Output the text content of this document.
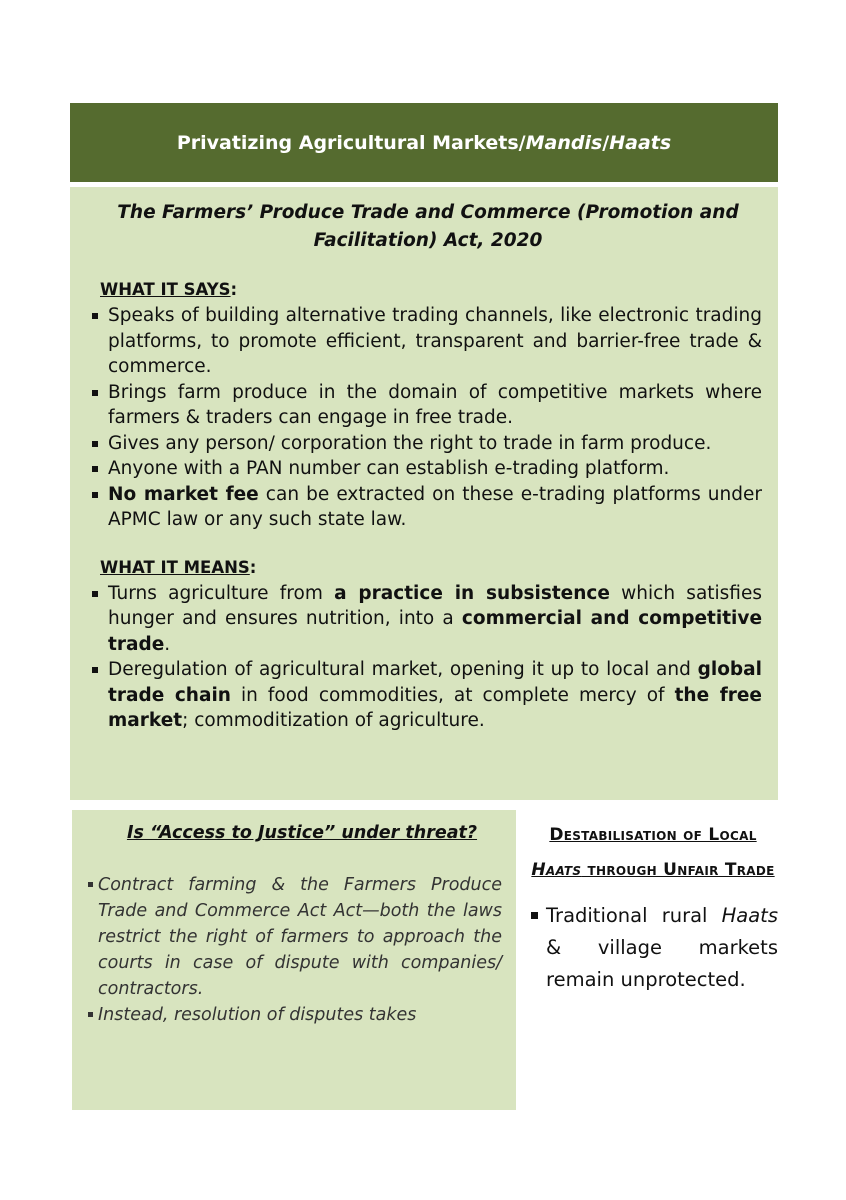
Privatizing Agricultural Markets/Mandis/Haats
The Farmers’ Produce Trade and Commerce (Promotion and Facilitation) Act, 2020
WHAT IT SAYS:
Speaks of building alternative trading channels, like electronic trading platforms, to promote efficient, transparent and barrier-free trade & commerce.
Brings farm produce in the domain of competitive markets where farmers & traders can engage in free trade.
Gives any person/ corporation the right to trade in farm produce.
Anyone with a PAN number can establish e-trading platform.
No market fee can be extracted on these e-trading platforms under APMC law or any such state law.
WHAT IT MEANS:
Turns agriculture from a practice in subsistence which satisfies hunger and ensures nutrition, into a commercial and competitive trade.
Deregulation of agricultural market, opening it up to local and global trade chain in food commodities, at complete mercy of the free market; commoditization of agriculture.
Is “Access to Justice” under threat?
Contract farming & the Farmers Produce Trade and Commerce Act Act—both the laws restrict the right of farmers to approach the courts in case of dispute with companies/ contractors.
Instead, resolution of disputes takes
Destabilisation of Local Haats through Unfair Trade
Traditional rural Haats & village markets remain unprotected.
